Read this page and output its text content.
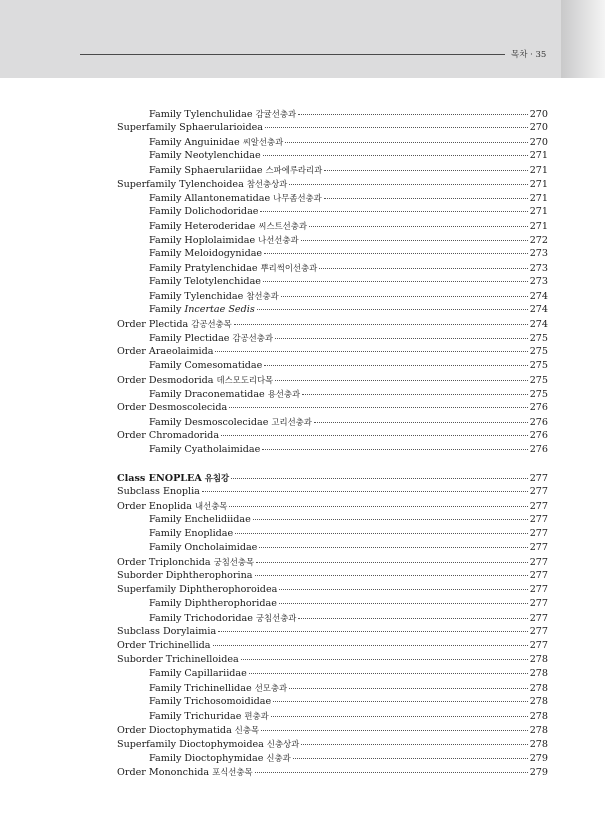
목차 · 35
Family Tylenchulidae 감귤선충과	270
Superfamily Sphaerularioidea	270
Family Anguinidae 씨알선충과	270
Family Neotylenchidae	271
Family Sphaerulariidae 스파에루라리과	271
Superfamily Tylenchoidea 참선충상과	271
Family Allantonematidae 나무좀선충과	271
Family Dolichodoridae	271
Family Heteroderidae 씨스트선충과	271
Family Hoplolaimidae 나선선충과	272
Family Meloidogynidae	273
Family Pratylenchidae 뿌리썩이선충과	273
Family Telotylenchidae	273
Family Tylenchidae 참선충과	274
Family Incertae Sedis	274
Order Plectida 감공선충목	274
Family Plectidae 감공선충과	275
Order Araeolaimida	275
Family Comesomatidae	275
Order Desmodorida 데스모도리다목	275
Family Draconematidae 용선충과	275
Order Desmoscolecida	276
Family Desmoscolecidae 고리선충과	276
Order Chromadorida	276
Family Cyatholaimidae	276
Class ENOPLEA 유침강	277
Subclass Enoplia	277
Order Enoplida 내선충목	277
Family Enchelidiidae	277
Family Enoplidae	277
Family Oncholaimidae	277
Order Triplonchida 궁침선충목	277
Suborder Diphtherophorina	277
Superfamily Diphtherophoroidea	277
Family Diphtherophoridae	277
Family Trichodoridae 궁침선충과	277
Subclass Dorylaimia	277
Order Trichinellida	277
Suborder Trichinelloidea	278
Family Capillariidae	278
Family Trichinellidae 선모충과	278
Family Trichosomoididae	278
Family Trichuridae 편충과	278
Order Dioctophymatida 신충목	278
Superfamily Dioctophymoidea 신충상과	278
Family Dioctophymidae 신충과	279
Order Mononchida 포식선충목	279
